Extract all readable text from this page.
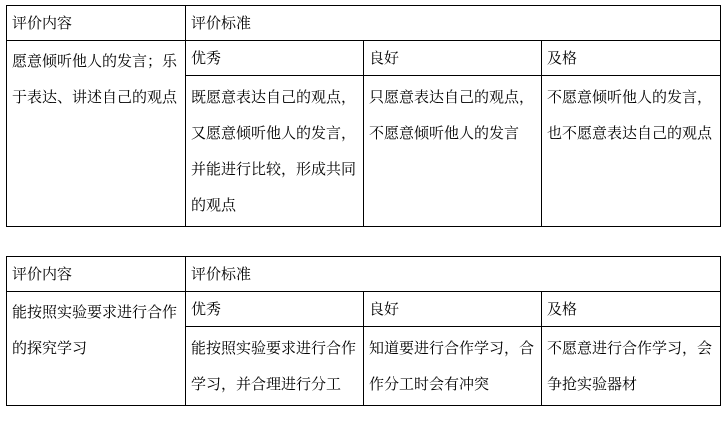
评价内容	评价标准		
愿意倾听他人的发言；乐于表达、讲述自己的观点	优秀	良好	及格
	既愿意表达自己的观点，又愿意倾听他人的发言，并能进行比较，形成共同的观点	只愿意表达自己的观点，不愿意倾听他人的发言	不愿意倾听他人的发言，也不愿意表达自己的观点
评价内容	评价标准		
能按照实验要求进行合作的探究学习	优秀	良好	及格
	能按照实验要求进行合作学习，并合理进行分工	知道要进行合作学习，合作分工时会有冲突	不愿意进行合作学习，会争抢实验器材
